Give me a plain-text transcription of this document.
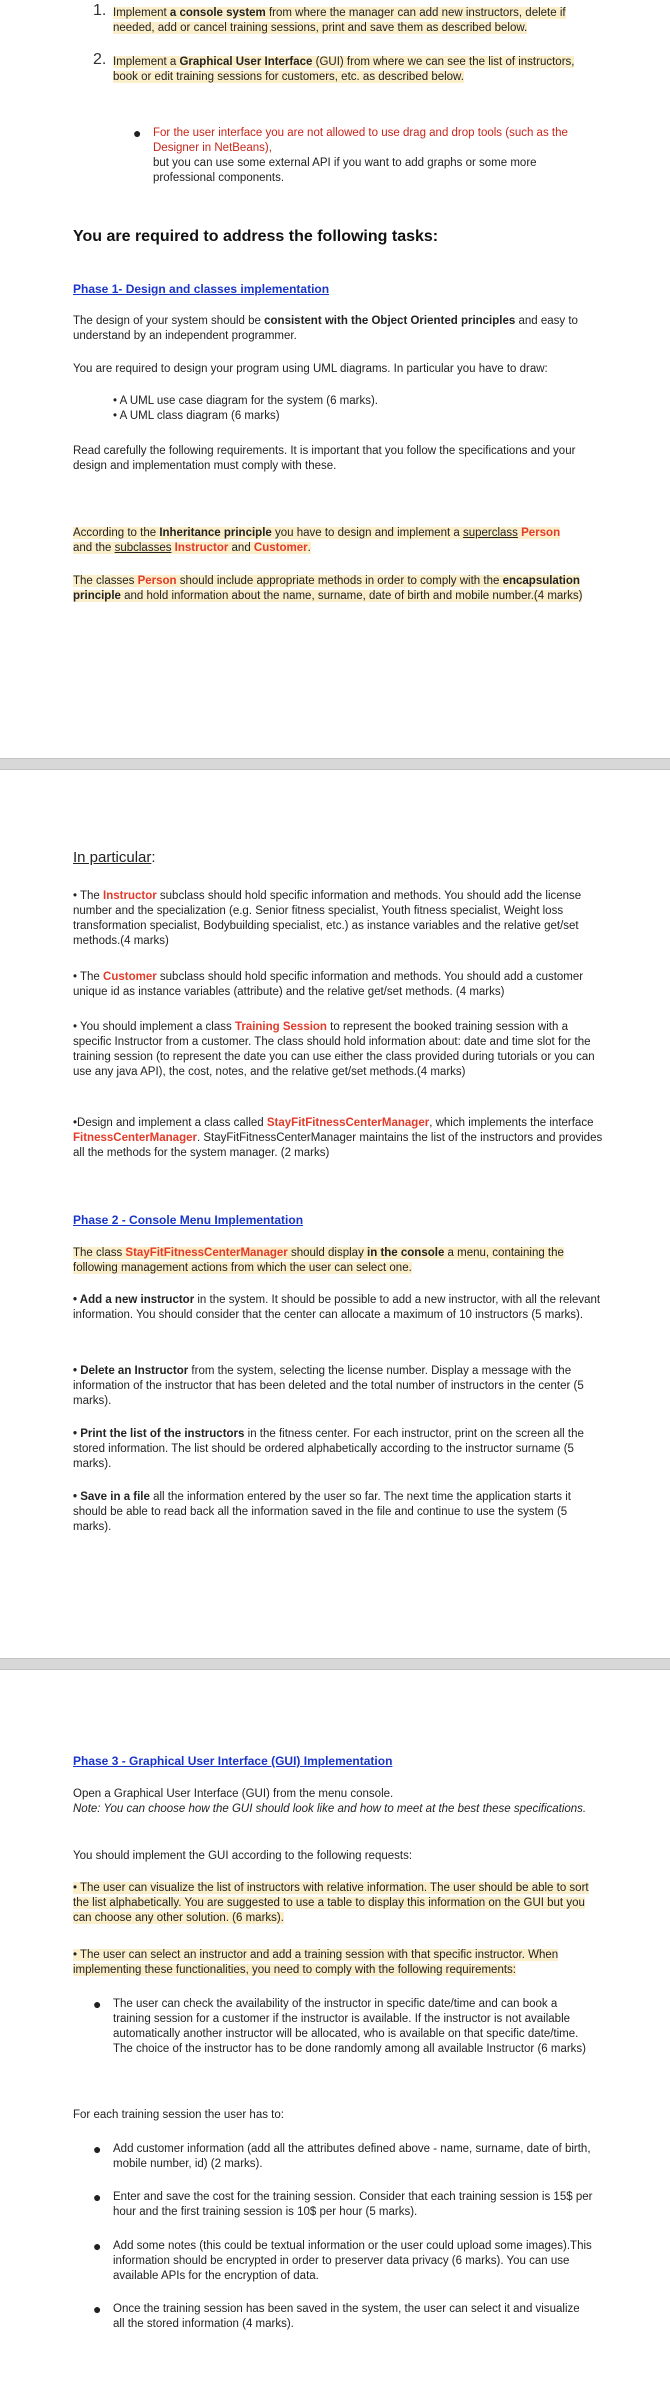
1. Implement a console system from where the manager can add new instructors, delete if needed, add or cancel training sessions, print and save them as described below.
2. Implement a Graphical User Interface (GUI) from where we can see the list of instructors, book or edit training sessions for customers, etc. as described below.
● For the user interface you are not allowed to use drag and drop tools (such as the Designer in NetBeans),
but you can use some external API if you want to add graphs or some more professional components.
You are required to address the following tasks:
Phase 1- Design and classes implementation
The design of your system should be consistent with the Object Oriented principles and easy to understand by an independent programmer.
You are required to design your program using UML diagrams. In particular you have to draw:
• A UML use case diagram for the system (6 marks).
• A UML class diagram (6 marks)
Read carefully the following requirements. It is important that you follow the specifications and your design and implementation must comply with these.
According to the Inheritance principle you have to design and implement a superclass Person
and the subclasses Instructor and Customer.
The classes Person should include appropriate methods in order to comply with the encapsulation principle and hold information about the name, surname, date of birth and mobile number.(4 marks)
In particular:
• The Instructor subclass should hold specific information and methods. You should add the license number and the specialization (e.g. Senior fitness specialist, Youth fitness specialist, Weight loss transformation specialist, Bodybuilding specialist, etc.) as instance variables and the relative get/set methods.(4 marks)
• The Customer subclass should hold specific information and methods. You should add a customer unique id as instance variables (attribute) and the relative get/set methods. (4 marks)
• You should implement a class Training Session to represent the booked training session with a specific Instructor from a customer. The class should hold information about: date and time slot for the training session (to represent the date you can use either the class provided during tutorials or you can use any java API), the cost, notes, and the relative get/set methods.(4 marks)
•Design and implement a class called StayFitFitnessCenterManager, which implements the interface FitnessCenterManager. StayFitFitnessCenterManager maintains the list of the instructors and provides all the methods for the system manager. (2 marks)
Phase 2 - Console Menu Implementation
The class StayFitFitnessCenterManager should display in the console a menu, containing the following management actions from which the user can select one.
• Add a new instructor in the system. It should be possible to add a new instructor, with all the relevant information. You should consider that the center can allocate a maximum of 10 instructors (5 marks).
• Delete an Instructor from the system, selecting the license number. Display a message with the information of the instructor that has been deleted and the total number of instructors in the center (5 marks).
• Print the list of the instructors in the fitness center. For each instructor, print on the screen all the stored information. The list should be ordered alphabetically according to the instructor surname (5 marks).
• Save in a file all the information entered by the user so far. The next time the application starts it should be able to read back all the information saved in the file and continue to use the system (5 marks).
Phase 3 - Graphical User Interface (GUI) Implementation
Open a Graphical User Interface (GUI) from the menu console.
Note: You can choose how the GUI should look like and how to meet at the best these specifications.
You should implement the GUI according to the following requests:
• The user can visualize the list of instructors with relative information. The user should be able to sort the list alphabetically. You are suggested to use a table to display this information on the GUI but you can choose any other solution. (6 marks).
• The user can select an instructor and add a training session with that specific instructor. When implementing these functionalities, you need to comply with the following requirements:
● The user can check the availability of the instructor in specific date/time and can book a training session for a customer if the instructor is available. If the instructor is not available automatically another instructor will be allocated, who is available on that specific date/time. The choice of the instructor has to be done randomly among all available Instructor (6 marks)
For each training session the user has to:
● Add customer information (add all the attributes defined above - name, surname, date of birth, mobile number, id) (2 marks).
● Enter and save the cost for the training session. Consider that each training session is 15$ per hour and the first training session is 10$ per hour (5 marks).
● Add some notes (this could be textual information or the user could upload some images).This information should be encrypted in order to preserver data privacy (6 marks). You can use available APIs for the encryption of data.
● Once the training session has been saved in the system, the user can select it and visualize all the stored information (4 marks).
